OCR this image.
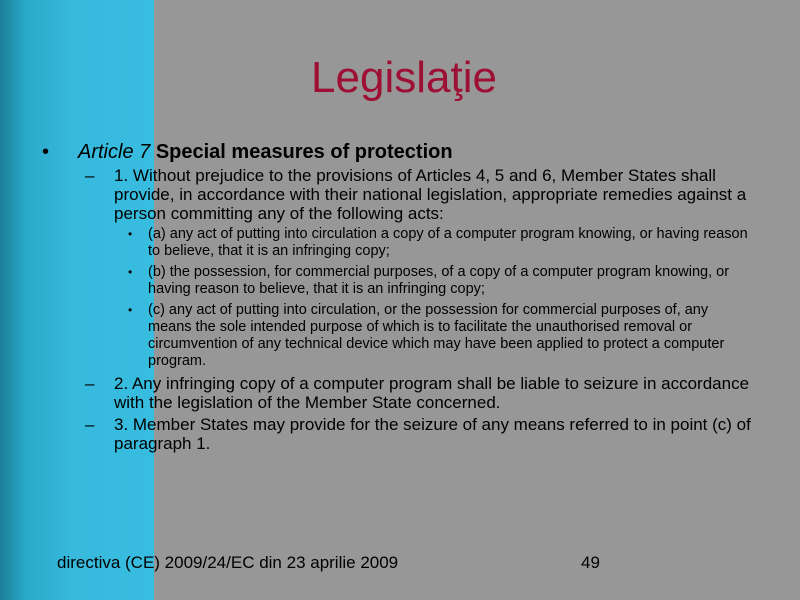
Legislaţie
• Article 7 Special measures of protection
– 1. Without prejudice to the provisions of Articles 4, 5 and 6, Member States shall provide, in accordance with their national legislation, appropriate remedies against a person committing any of the following acts:
• (a) any act of putting into circulation a copy of a computer program knowing, or having reason to believe, that it is an infringing copy;
• (b) the possession, for commercial purposes, of a copy of a computer program knowing, or having reason to believe, that it is an infringing copy;
• (c) any act of putting into circulation, or the possession for commercial purposes of, any means the sole intended purpose of which is to facilitate the unauthorised removal or circumvention of any technical device which may have been applied to protect a computer program.
– 2. Any infringing copy of a computer program shall be liable to seizure in accordance with the legislation of the Member State concerned.
– 3. Member States may provide for the seizure of any means referred to in point (c) of paragraph 1.
directiva (CE) 2009/24/EC din 23 aprilie 2009	49
